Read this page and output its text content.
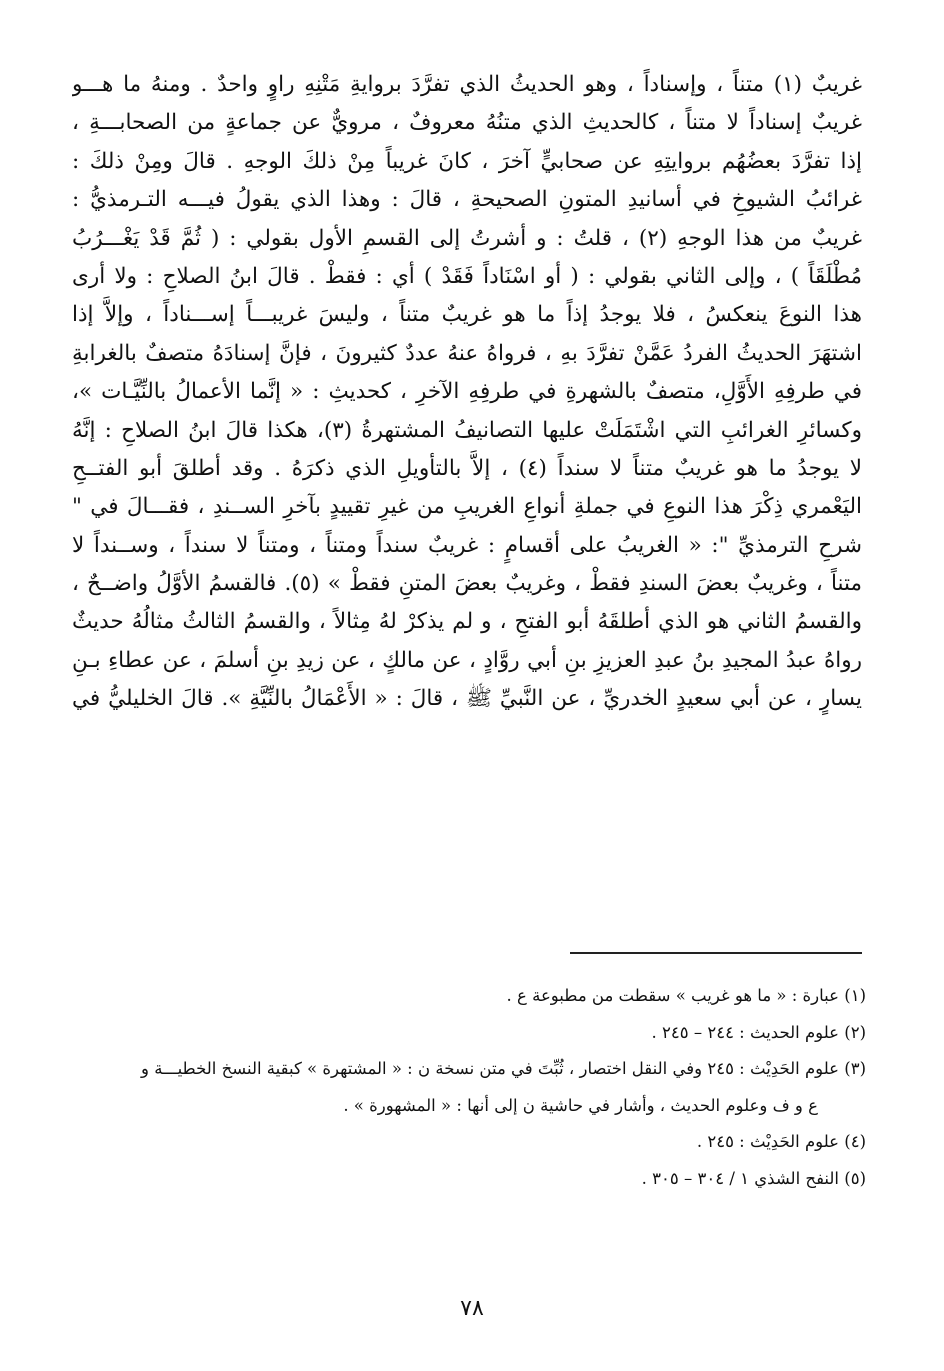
غريبٌ (١) متناً ، وإسناداً ، وهو الحديثُ الذي تفرَّدَ بروايةِ مَتْنِهِ راوٍ واحدٌ . ومنهُ ما هـــو
غريبٌ إسناداً لا متناً ، كالحديثِ الذي متنُهُ معروفٌ ، مرويٌّ عن جماعةٍ من الصحابـــةِ ،
إذا تفرَّدَ بعضُهُم بروايتِهِ عن صحابيٍّ آخرَ ، كانَ غريباً مِنْ ذلكَ الوجهِ . قالَ ومِنْ ذلكَ :
غرائبُ الشيوخِ في أسانيدِ المتونِ الصحيحةِ ، قالَ : وهذا الذي يقولُ فيـــه التـرمذيُّ :
غريبٌ من هذا الوجهِ (٢) ، قلتُ : و أشرتُ إلى القسمِ الأول بقولي : ( ثُمَّ قَدْ يَغْـــرُبُ
مُطْلَقَاً ) ، وإلى الثاني بقولي : ( أو اسْنَاداً فَقَدْ ) أي : فقطْ . قالَ ابنُ الصلاحِ : ولا أرى
هذا النوعَ ينعكسُ ، فلا يوجدُ إذاً ما هو غريبٌ متناً ، وليسَ غريبـــاً إســـناداً ، وإلاَّ إذا
اشتهَرَ الحديثُ الفردُ عَمَّنْ تفرَّدَ بهِ ، فرواهُ عنهُ عددٌ كثيرونَ ، فإنَّ إسنادَهُ متصفٌ بالغرابةِ
في طرفِهِ الأَوَّلِ، متصفٌ بالشهرةِ في طرفِهِ الآخرِ ، كحديثِ : « إنَّما الأعمالُ بالنِّيَّـات »،
وكسائرِ الغرائبِ التي اشْتَمَلَتْ عليها التصانيفُ المشتهرةُ (٣)، هكذا قالَ ابنُ الصلاحِ : إنَّهُ
لا يوجدُ ما هو غريبٌ متناً لا سنداً (٤) ، إلاَّ بالتأويلِ الذي ذكرَهُ . وقد أطلقَ أبو الفتــحِ
اليَعْمري ذِكْرَ هذا النوعِ في جملةِ أنواعِ الغريبِ من غيرِ تقييدٍ بآخرِ الســندِ ، فقـــالَ في "
شرحِ الترمذيِّ ": « الغريبُ على أقسامٍ : غريبٌ سنداً ومتناً ، ومتناً لا سنداً ، وســنداً لا
متناً ، وغريبٌ بعضَ السندِ فقطْ ، وغريبٌ بعضَ المتنِ فقطْ » (٥). فالقسمُ الأوَّلُ واضــحٌ ،
والقسمُ الثاني هو الذي أطلقَهُ أبو الفتحِ ، و لم يذكرْ لهُ مِثالاً ، والقسمُ الثالثُ مثالُهُ حديثٌ
رواهُ عبدُ المجيدِ بنُ عبدِ العزيزِ بنِ أبي روَّادٍ ، عن مالكٍ ، عن زيدِ بنِ أسلمَ ، عن عطاءِ بـنِ
يسارٍ ، عن أبي سعيدٍ الخدريِّ ، عن النَّبيِّ ﷺ ، قالَ : « الأَعْمَالُ بالنِّيَّةِ ». قالَ الخليليُّ في
(١) عبارة : « ما هو غريب » سقطت من مطبوعة ع .
(٢) علوم الحديث : ٢٤٤ – ٢٤٥ .
(٣) علوم الحَدِيْث : ٢٤٥ وفي النقل اختصار ، ثُبِّتَ في متن نسخة ن : « المشتهرة » كبقية النسخ الخطيـــة و
ع و ف وعلوم الحديث ، وأشار في حاشية ن إلى أنها : « المشهورة » .
(٤) علوم الحَدِيْث : ٢٤٥ .
(٥) النفح الشذي ١ / ٣٠٤ – ٣٠٥ .
٧٨
